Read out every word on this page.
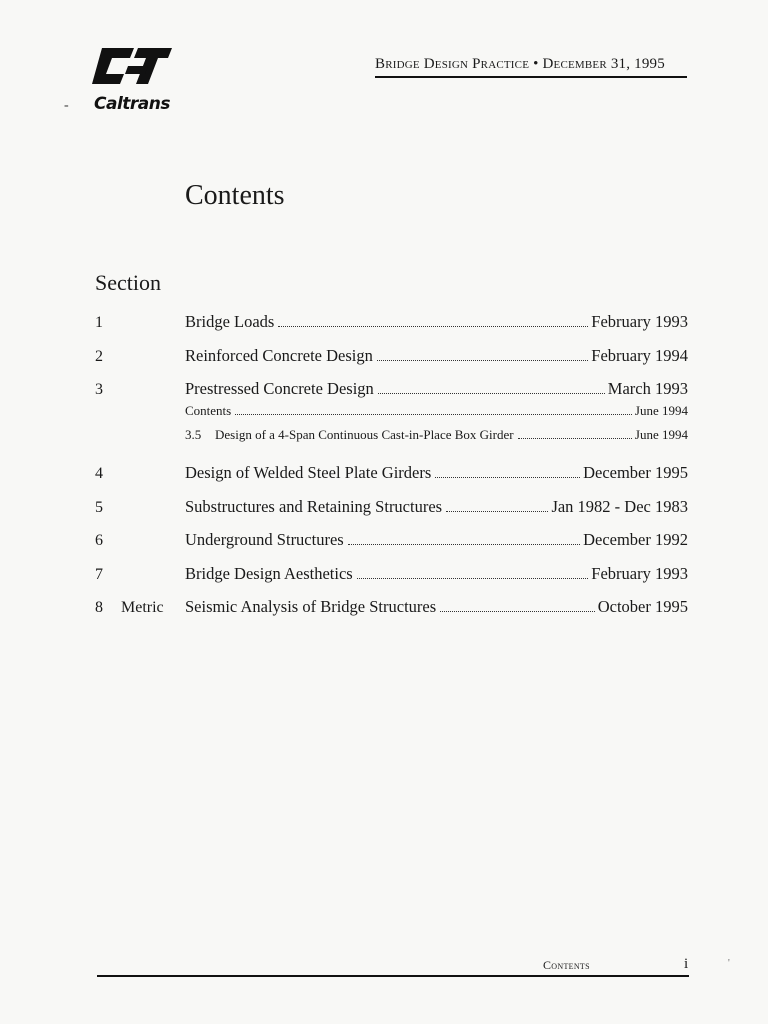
Caltrans
-
Bridge Design Practice • December 31, 1995
Contents
Section
1	Bridge Loads	February 1993
2	Reinforced Concrete Design	February 1994
3	Prestressed Concrete Design	March 1993
Contents	June 1994
3.5 Design of a 4-Span Continuous Cast-in-Place Box Girder	June 1994
4	Design of Welded Steel Plate Girders	December 1995
5	Substructures and Retaining Structures	Jan 1982 - Dec 1983
6	Underground Structures	December 1992
7	Bridge Design Aesthetics	February 1993
8	Metric	Seismic Analysis of Bridge Structures	October 1995
Contents	i	'
